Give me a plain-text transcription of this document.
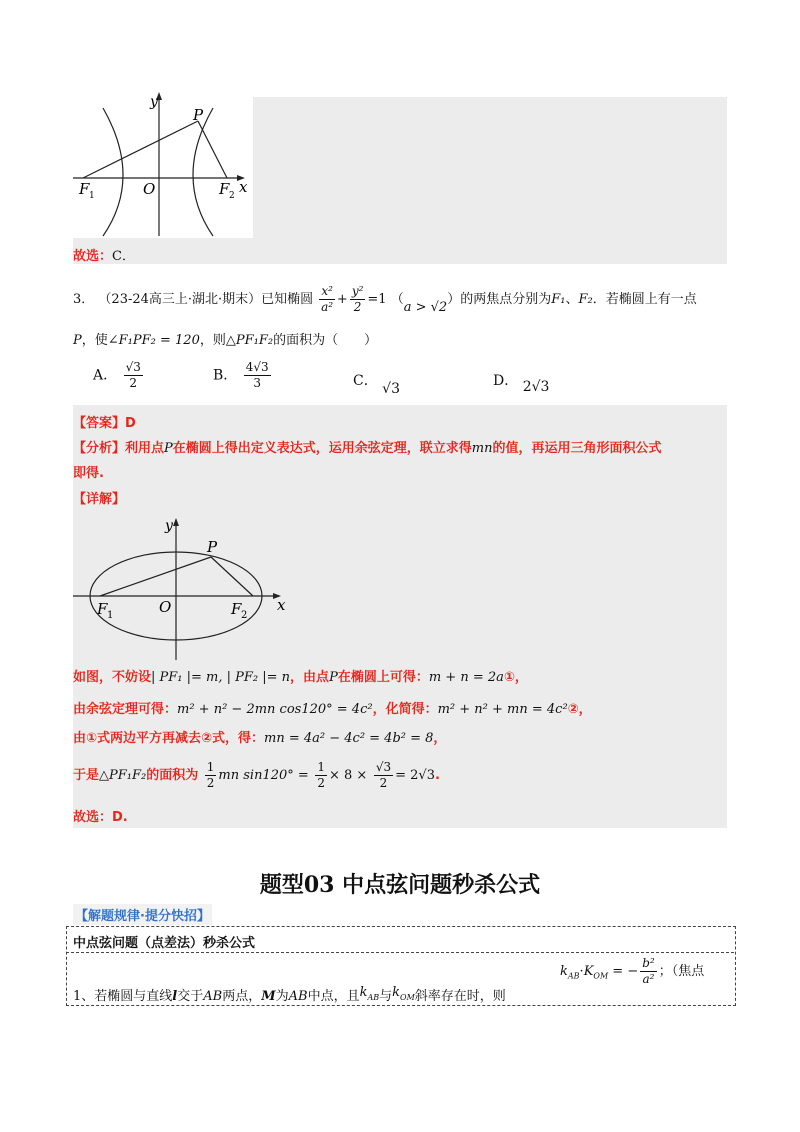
y
P
F 1	O	F 2 x
故选：C．
3． （23-24高三上·湖北·期末）已知椭圆 $\frac{\text{x²}}{\text{a²}} + \frac{\text{y²}}{2} =1$ （a > √2）的两焦点分别为F₁、F₂．若椭圆上有一点
P，使∠F₁PF₂ = 120，则△PF₁F₂的面积为（　　）
A． $\frac{√3}{2}$	B． $\frac{4√3}{3}$	C． √3	D． 2√3
【答案】D
【分析】利用点P在椭圆上得出定义表达式，运用余弦定理，联立求得mn的值，再运用三角形面积公式
即得.
【详解】
y
P
F 1	O	F 2
x
如图，不妨设| PF₁ |= m, | PF₂ |= n，由点P在椭圆上可得：m + n = 2a①，
由余弦定理可得：m² + n² − 2mn cos120° = 4c²，化简得：m² + n² + mn = 4c²②，
由①式两边平方再减去②式，得：mn = 4a² − 4c² = 4b² = 8，
于是△PF₁F₂的面积为 $\frac{1}{2}$ mn $\sin 120^\circ = \frac{1}{2} \times 8 \times \frac{√3}{2} = 2√3$.
故选：D.
题型03 中点弦问题秒杀公式
【解题规律·提分快招】
中点弦问题（点差法）秒杀公式
1、若椭圆与直线l交于AB两点，M为AB中点，且$k_{AB}$与$k_{OM}$斜率存在时，则
$k_{AB}\cdot K_{OM}$ = − $\frac{\text{b²}}{\text{a²}}$ ；（焦点
